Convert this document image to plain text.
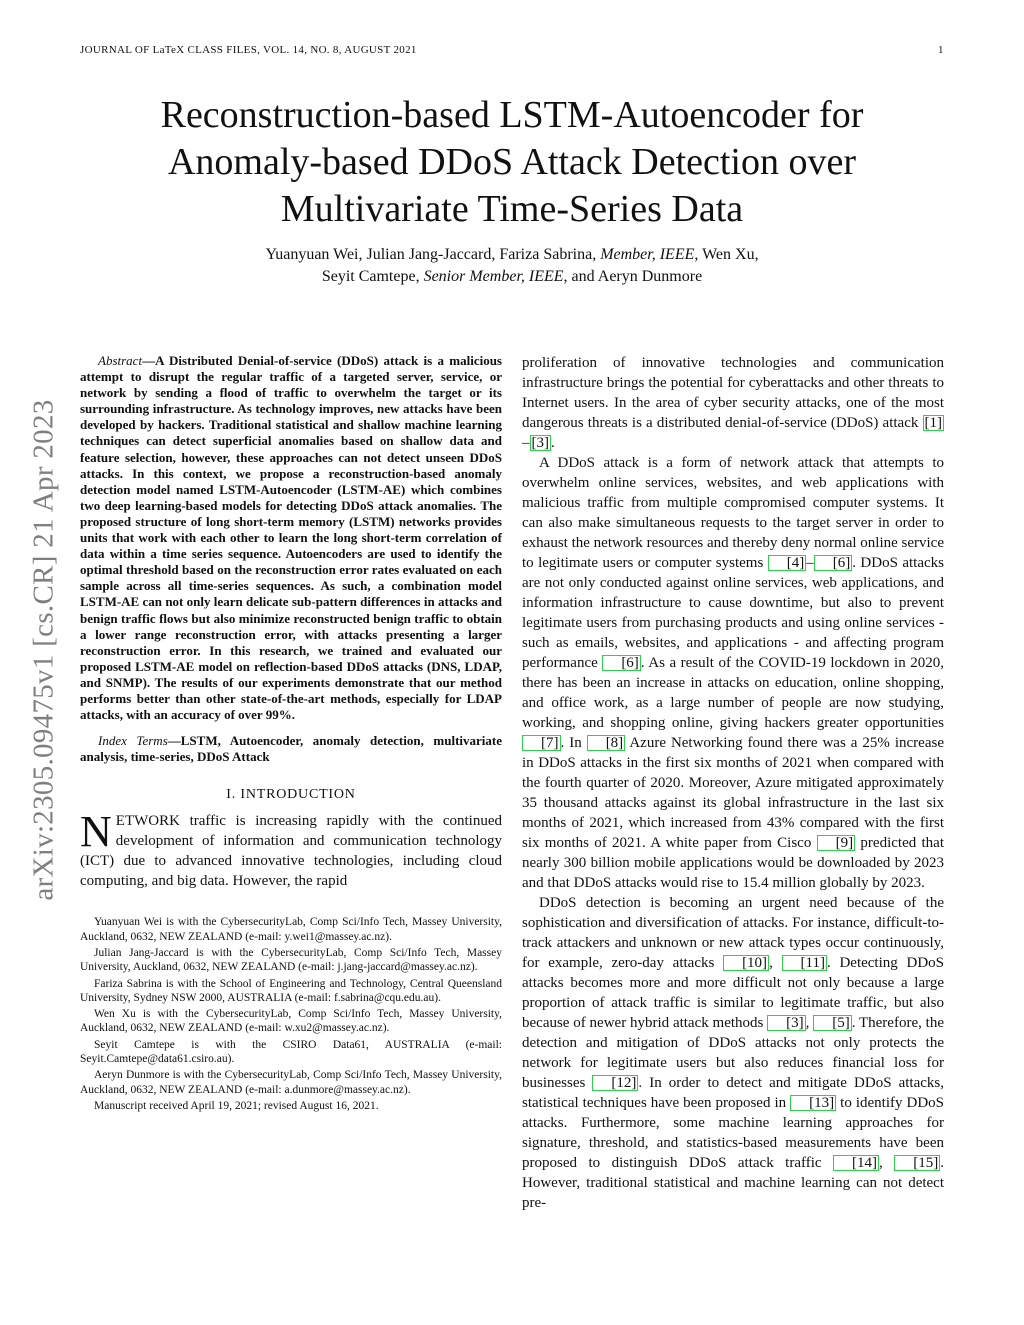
JOURNAL OF LaTeX CLASS FILES, VOL. 14, NO. 8, AUGUST 2021	1
Reconstruction-based LSTM-Autoencoder for
Anomaly-based DDoS Attack Detection over
Multivariate Time-Series Data
Yuanyuan Wei, Julian Jang-Jaccard, Fariza Sabrina, Member, IEEE, Wen Xu,
Seyit Camtepe, Senior Member, IEEE, and Aeryn Dunmore
arXiv:2305.09475v1 [cs.CR] 21 Apr 2023

Abstract—A Distributed Denial-of-service (DDoS) attack is a malicious attempt to disrupt the regular traffic of a targeted server, service, or network by sending a flood of traffic to overwhelm the target or its surrounding infrastructure. As technology improves, new attacks have been developed by hackers. Traditional statistical and shallow machine learning techniques can detect superficial anomalies based on shallow data and feature selection, however, these approaches can not detect unseen DDoS attacks. In this context, we propose a reconstruction-based anomaly detection model named LSTM-Autoencoder (LSTM-AE) which combines two deep learning-based models for detecting DDoS attack anomalies. The proposed structure of long short-term memory (LSTM) networks provides units that work with each other to learn the long short-term correlation of data within a time series sequence. Autoencoders are used to identify the optimal threshold based on the reconstruction error rates evaluated on each sample across all time-series sequences. As such, a combination model LSTM-AE can not only learn delicate sub-pattern differences in attacks and benign traffic flows but also minimize reconstructed benign traffic to obtain a lower range reconstruction error, with attacks presenting a larger reconstruction error. In this research, we trained and evaluated our proposed LSTM-AE model on reflection-based DDoS attacks (DNS, LDAP, and SNMP). The results of our experiments demonstrate that our method performs better than other state-of-the-art methods, especially for LDAP attacks, with an accuracy of over 99%.

Index Terms—LSTM, Autoencoder, anomaly detection, multivariate analysis, time-series, DDoS Attack

I. INTRODUCTION

NETWORK traffic is increasing rapidly with the continued development of information and communication technology (ICT) due to advanced innovative technologies, including cloud computing, and big data. However, the rapid

Yuanyuan Wei is with the CybersecurityLab, Comp Sci/Info Tech, Massey University, Auckland, 0632, NEW ZEALAND (e-mail: y.wei1@massey.ac.nz).

Julian Jang-Jaccard is with the CybersecurityLab, Comp Sci/Info Tech, Massey University, Auckland, 0632, NEW ZEALAND (e-mail: j.jang-jaccard@massey.ac.nz).

Fariza Sabrina is with the School of Engineering and Technology, Central Queensland University, Sydney NSW 2000, AUSTRALIA (e-mail: f.sabrina@cqu.edu.au).

Wen Xu is with the CybersecurityLab, Comp Sci/Info Tech, Massey University, Auckland, 0632, NEW ZEALAND (e-mail: w.xu2@massey.ac.nz).

Seyit Camtepe is with the CSIRO Data61, AUSTRALIA (e-mail: Seyit.Camtepe@data61.csiro.au).

Aeryn Dunmore is with the CybersecurityLab, Comp Sci/Info Tech, Massey University, Auckland, 0632, NEW ZEALAND (e-mail: a.dunmore@massey.ac.nz).

Manuscript received April 19, 2021; revised August 16, 2021.

proliferation of innovative technologies and communication infrastructure brings the potential for cyberattacks and other threats to Internet users. In the area of cyber security attacks, one of the most dangerous threats is a distributed denial-of-service (DDoS) attack [1]– [3] .

A DDoS attack is a form of network attack that attempts to overwhelm online services, websites, and web applications with malicious traffic from multiple compromised computer systems. It can also make simultaneous requests to the target server in order to exhaust the network resources and thereby deny normal online service to legitimate users or computer systems [4] – [6] . DDoS attacks are not only conducted against online services, web applications, and information infrastructure to cause downtime, but also to prevent legitimate users from purchasing products and using online services - such as emails, websites, and applications - and affecting program performance [6] . As a result of the COVID-19 lockdown in 2020, there has been an increase in attacks on education, online shopping, and office work, as a large number of people are now studying, working, and shopping online, giving hackers greater opportunities [7] . In [8] Azure Networking found there was a 25% increase in DDoS attacks in the first six months of 2021 when compared with the fourth quarter of 2020. Moreover, Azure mitigated approximately 35 thousand attacks against its global infrastructure in the last six months of 2021, which increased from 43% compared with the first six months of 2021. A white paper from Cisco [9] predicted that nearly 300 billion mobile applications would be downloaded by 2023 and that DDoS attacks would rise to 15.4 million globally by 2023.

DDoS detection is becoming an urgent need because of the sophistication and diversification of attacks. For instance, difficult-to-track attackers and unknown or new attack types occur continuously, for example, zero-day attacks [10] , [11] . Detecting DDoS attacks becomes more and more difficult not only because a large proportion of attack traffic is similar to legitimate traffic, but also because of newer hybrid attack methods [3] , [5] . Therefore, the detection and mitigation of DDoS attacks not only protects the network for legitimate users but also reduces financial loss for businesses [12] . In order to detect and mitigate DDoS attacks, statistical techniques have been proposed in [13] to identify DDoS attacks. Furthermore, some machine learning approaches for signature, threshold, and statistics-based measurements have been proposed to distinguish DDoS attack traffic [14] , [15] . However, traditional statistical and machine learning can not detect pre-
